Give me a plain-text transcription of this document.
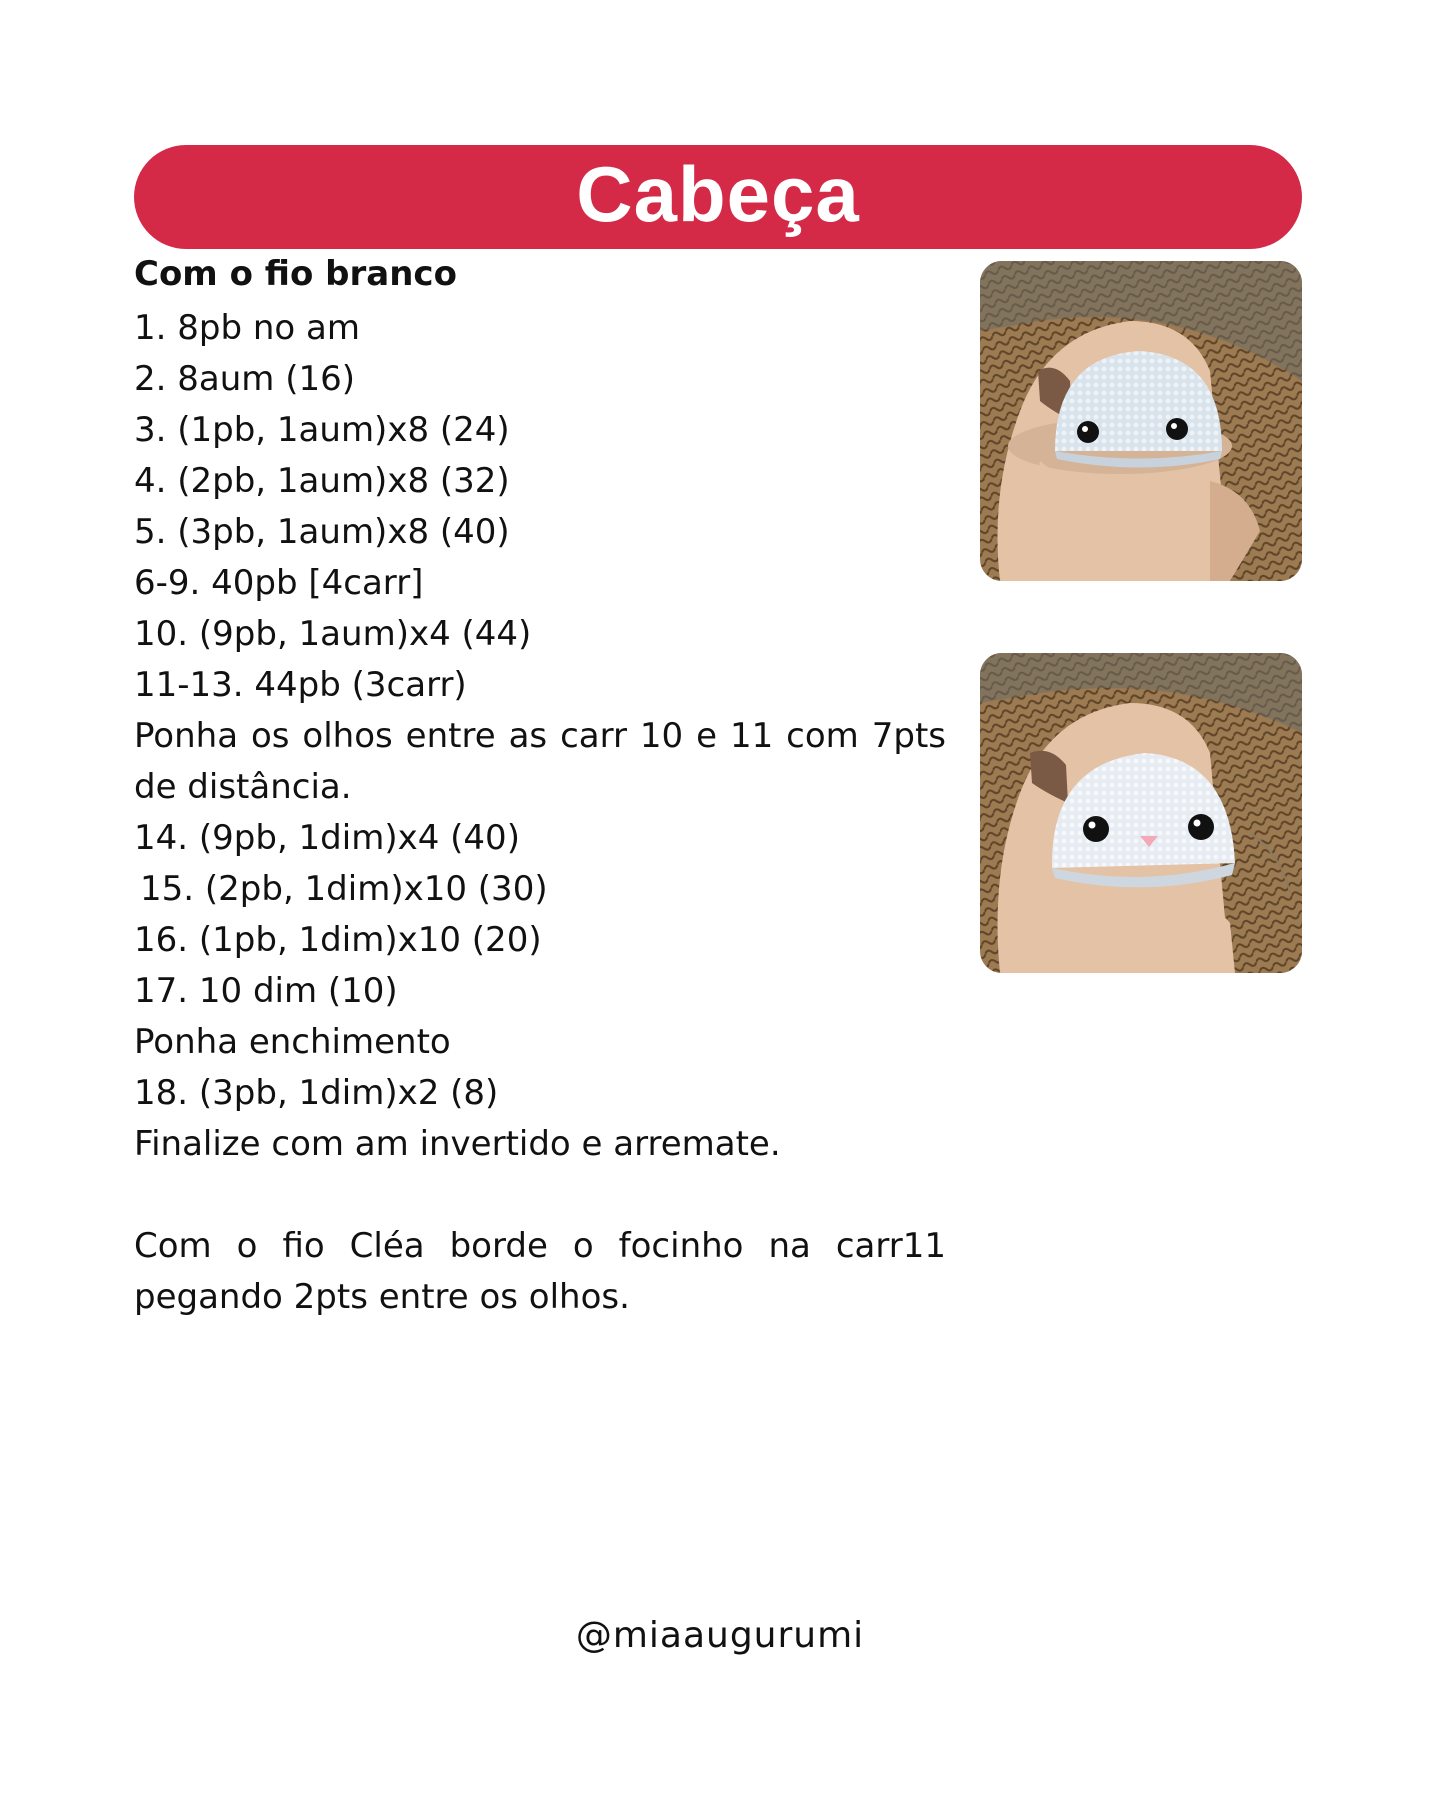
Cabeça

Com o fio branco

1. 8pb no am

2. 8aum (16)

3. (1pb, 1aum)x8 (24)

4. (2pb, 1aum)x8 (32)

5. (3pb, 1aum)x8 (40)

6-9. 40pb [4carr]

10. (9pb, 1aum)x4 (44)

11-13. 44pb (3carr)

Ponha os olhos entre as carr 10 e 11 com 7pts de distância.

14. (9pb, 1dim)x4 (40)

15. (2pb, 1dim)x10 (30)

16. (1pb, 1dim)x10 (20)

17. 10 dim (10)

Ponha enchimento

18. (3pb, 1dim)x2 (8)

Finalize com am invertido e arremate.

Com o fio Cléa borde o focinho na carr11 pegando 2pts entre os olhos.

@miaaugurumi
